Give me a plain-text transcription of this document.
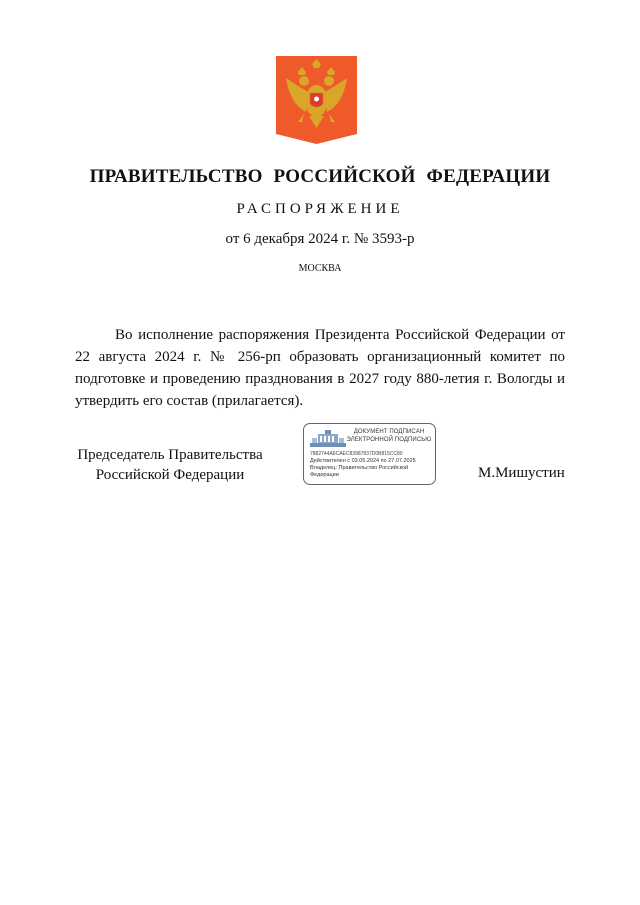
ПРАВИТЕЛЬСТВО РОССИЙСКОЙ ФЕДЕРАЦИИ
РАСПОРЯЖЕНИЕ
от 6 декабря 2024 г. № 3593-р
МОСКВА
Во исполнение распоряжения Президента Российской Федерации от 22 августа 2024 г. № 256-рп образовать организационный комитет по подготовке и проведению празднования в 2027 году 880-летия г. Вологды и утвердить его состав (прилагается).
Председатель Правительства
Российской Федерации
ДОКУМЕНТ ПОДПИСАН
ЭЛЕКТРОННОЙ ПОДПИСЬЮ
7882744A6CAEC83987837D0B815CC80
Действителен с 03.05.2024 по 27.07.2025
Владелец: Правительство Российской Федерации	М.Мишустин
